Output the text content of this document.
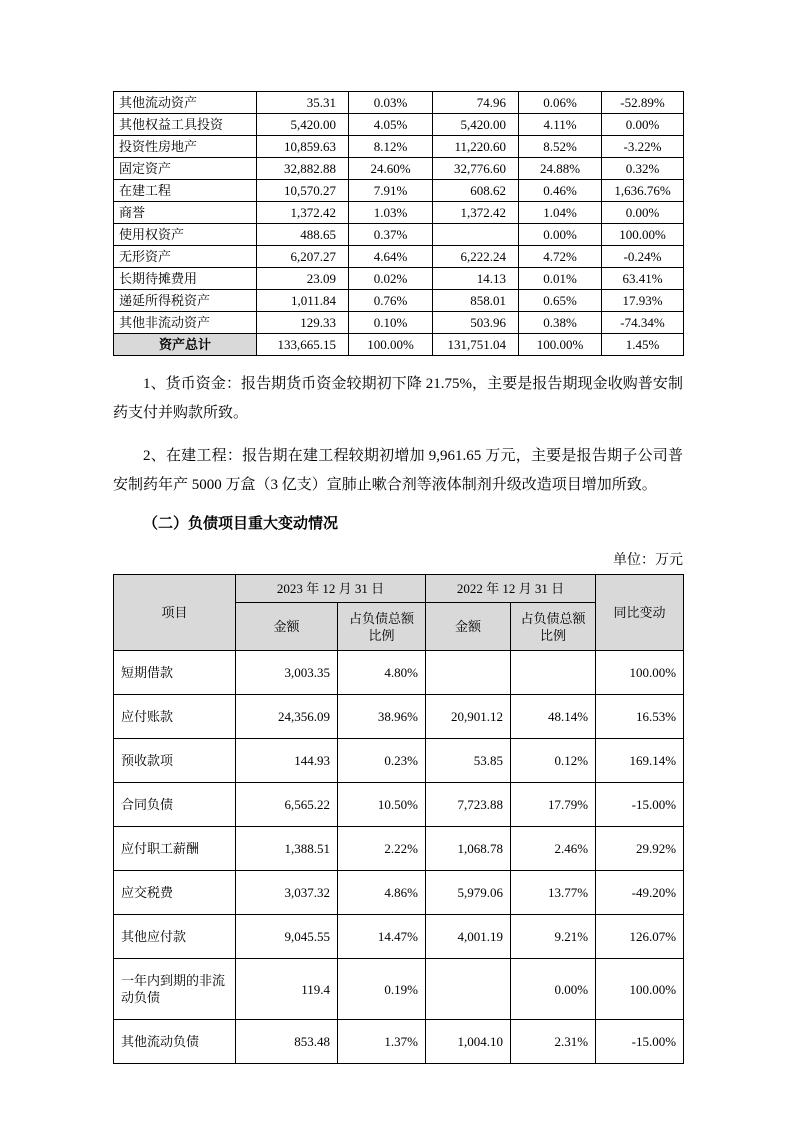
其他流动资产	35.31	0.03%	74.96	0.06%	-52.89%
其他权益工具投资	5,420.00	4.05%	5,420.00	4.11%	0.00%
投资性房地产	10,859.63	8.12%	11,220.60	8.52%	-3.22%
固定资产	32,882.88	24.60%	32,776.60	24.88%	0.32%
在建工程	10,570.27	7.91%	608.62	0.46%	1,636.76%
商誉	1,372.42	1.03%	1,372.42	1.04%	0.00%
使用权资产	488.65	0.37%		0.00%	100.00%
无形资产	6,207.27	4.64%	6,222.24	4.72%	-0.24%
长期待摊费用	23.09	0.02%	14.13	0.01%	63.41%
递延所得税资产	1,011.84	0.76%	858.01	0.65%	17.93%
其他非流动资产	129.33	0.10%	503.96	0.38%	-74.34%
资产总计	133,665.15	100.00%	131,751.04	100.00%	1.45%

1、货币资金：报告期货币资金较期初下降 21.75%，主要是报告期现金收购普安制药支付并购款所致。

2、在建工程：报告期在建工程较期初增加 9,961.65 万元，主要是报告期子公司普安制药年产 5000 万盒（3 亿支）宣肺止嗽合剂等液体制剂升级改造项目增加所致。

（二）负债项目重大变动情况
单位：万元
项目	2023 年 12 月 31 日		2022 年 12 月 31 日		同比变动
	金额	占负债总额比例	金额	占负债总额比例	
短期借款	3,003.35	4.80%			100.00%
应付账款	24,356.09	38.96%	20,901.12	48.14%	16.53%
预收款项	144.93	0.23%	53.85	0.12%	169.14%
合同负债	6,565.22	10.50%	7,723.88	17.79%	-15.00%
应付职工薪酬	1,388.51	2.22%	1,068.78	2.46%	29.92%
应交税费	3,037.32	4.86%	5,979.06	13.77%	-49.20%
其他应付款	9,045.55	14.47%	4,001.19	9.21%	126.07%
一年内到期的非流动负债	119.4	0.19%		0.00%	100.00%
其他流动负债	853.48	1.37%	1,004.10	2.31%	-15.00%
